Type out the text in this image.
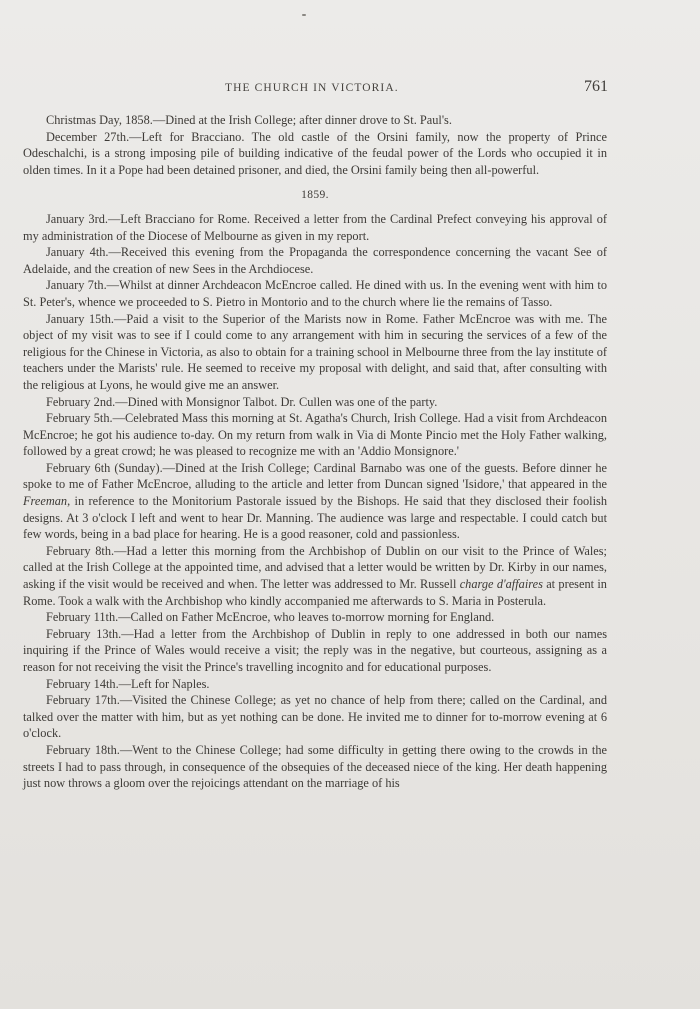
THE CHURCH IN VICTORIA.	761

Christmas Day, 1858.—Dined at the Irish College; after dinner drove to St. Paul's.

December 27th.—Left for Bracciano. The old castle of the Orsini family, now the property of Prince Odeschalchi, is a strong imposing pile of building indicative of the feudal power of the Lords who occupied it in olden times. In it a Pope had been detained prisoner, and died, the Orsini family being then all-powerful.

1859.

January 3rd.—Left Bracciano for Rome. Received a letter from the Cardinal Prefect conveying his approval of my administration of the Diocese of Melbourne as given in my report.

January 4th.—Received this evening from the Propaganda the correspondence concerning the vacant See of Adelaide, and the creation of new Sees in the Archdiocese.

January 7th.—Whilst at dinner Archdeacon McEncroe called. He dined with us. In the evening went with him to St. Peter's, whence we proceeded to S. Pietro in Montorio and to the church where lie the remains of Tasso.

January 15th.—Paid a visit to the Superior of the Marists now in Rome. Father McEncroe was with me. The object of my visit was to see if I could come to any arrangement with him in securing the services of a few of the religious for the Chinese in Victoria, as also to obtain for a training school in Melbourne three from the lay institute of teachers under the Marists' rule. He seemed to receive my proposal with delight, and said that, after consulting with the religious at Lyons, he would give me an answer.

February 2nd.—Dined with Monsignor Talbot. Dr. Cullen was one of the party.

February 5th.—Celebrated Mass this morning at St. Agatha's Church, Irish College. Had a visit from Archdeacon McEncroe; he got his audience to-day. On my return from walk in Via di Monte Pincio met the Holy Father walking, followed by a great crowd; he was pleased to recognize me with an 'Addio Monsignore.'

February 6th (Sunday).—Dined at the Irish College; Cardinal Barnabo was one of the guests. Before dinner he spoke to me of Father McEncroe, alluding to the article and letter from Duncan signed 'Isidore,' that appeared in the Freeman, in reference to the Monitorium Pastorale issued by the Bishops. He said that they disclosed their foolish designs. At 3 o'clock I left and went to hear Dr. Manning. The audience was large and respectable. I could catch but few words, being in a bad place for hearing. He is a good reasoner, cold and passionless.

February 8th.—Had a letter this morning from the Archbishop of Dublin on our visit to the Prince of Wales; called at the Irish College at the appointed time, and advised that a letter would be written by Dr. Kirby in our names, asking if the visit would be received and when. The letter was addressed to Mr. Russell charge d'affaires at present in Rome. Took a walk with the Archbishop who kindly accompanied me afterwards to S. Maria in Posterula.

February 11th.—Called on Father McEncroe, who leaves to-morrow morning for England.

February 13th.—Had a letter from the Archbishop of Dublin in reply to one addressed in both our names inquiring if the Prince of Wales would receive a visit; the reply was in the negative, but courteous, assigning as a reason for not receiving the visit the Prince's travelling incognito and for educational purposes.

February 14th.—Left for Naples.

February 17th.—Visited the Chinese College; as yet no chance of help from there; called on the Cardinal, and talked over the matter with him, but as yet nothing can be done. He invited me to dinner for to-morrow evening at 6 o'clock.

February 18th.—Went to the Chinese College; had some difficulty in getting there owing to the crowds in the streets I had to pass through, in consequence of the obsequies of the deceased niece of the king. Her death happening just now throws a gloom over the rejoicings attendant on the marriage of his
